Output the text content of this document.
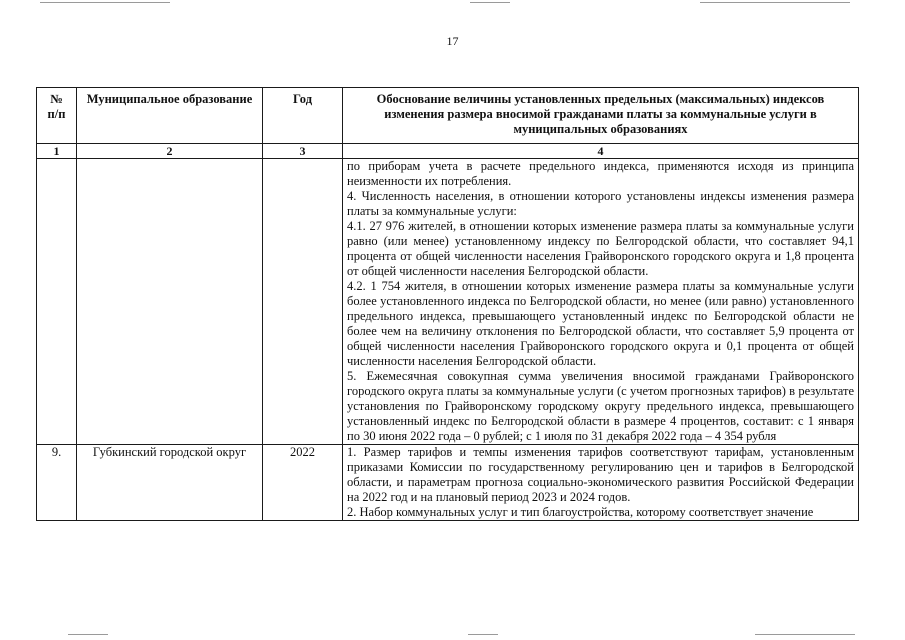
17
№
п/п	Муниципальное образование	Год	Обоснование величины установленных предельных (максимальных) индексов изменения размера вносимой гражданами платы за коммунальные услуги в муниципальных образованиях
1	2	3	4

			по приборам учета в расчете предельного индекса, применяются исходя из принципа неизменности их потребления.

4. Численность населения, в отношении которого установлены индексы изменения размера платы за коммунальные услуги:

4.1. 27 976 жителей, в отношении которых изменение размера платы за коммунальные услуги равно (или менее) установленному индексу по Белгородской области, что составляет 94,1 процента от общей численности населения Грайворонского городского округа и 1,8 процента от общей численности населения Белгородской области.

4.2. 1 754 жителя, в отношении которых изменение размера платы за коммунальные услуги более установленного индекса по Белгородской области, но менее (или равно) установленного предельного индекса, превышающего установленный индекс по Белгородской области не более чем на величину отклонения по Белгородской области, что составляет 5,9 процента от общей численности населения Грайворонского городского округа и 0,1 процента от общей численности населения Белгородской области.

5. Ежемесячная совокупная сумма увеличения вносимой гражданами Грайворонского городского округа платы за коммунальные услуги (с учетом прогнозных тарифов) в результате установления по Грайворонскому городскому округу предельного индекса, превышающего установленный индекс по Белгородской области в размере 4 процентов, составит: с 1 января по 30 июня 2022 года – 0 рублей; с 1 июля по 31 декабря 2022 года – 4 354 рубля

9.	Губкинский городской округ	2022	1. Размер тарифов и темпы изменения тарифов соответствуют тарифам, установленным приказами Комиссии по государственному регулированию цен и тарифов в Белгородской области, и параметрам прогноза социально-экономического развития Российской Федерации на 2022 год и на плановый период 2023 и 2024 годов.

2. Набор коммунальных услуг и тип благоустройства, которому соответствует значение
